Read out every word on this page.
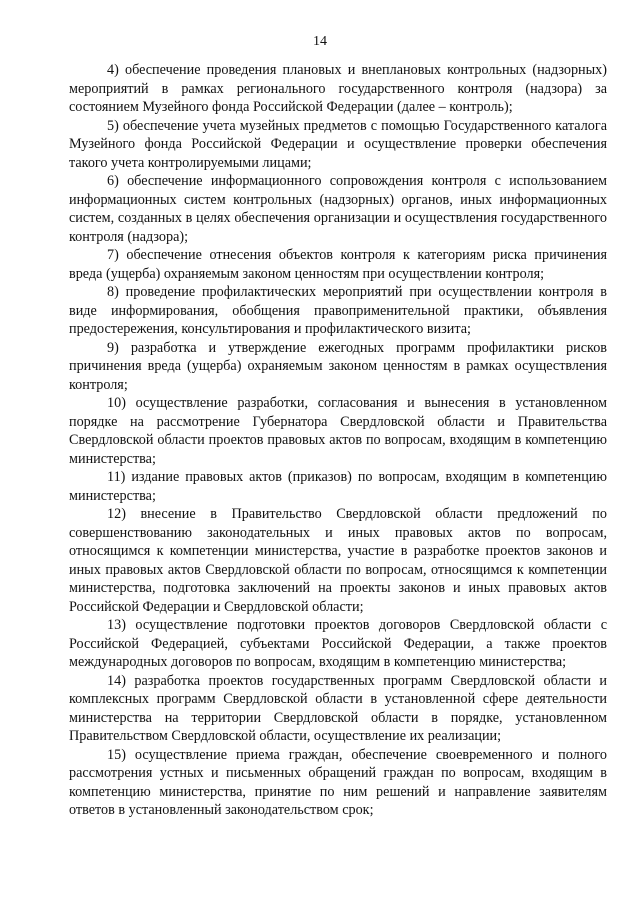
14

4) обеспечение проведения плановых и внеплановых контрольных (надзорных) мероприятий в рамках регионального государственного контроля (надзора) за состоянием Музейного фонда Российской Федерации (далее – контроль);

5) обеспечение учета музейных предметов с помощью Государственного каталога Музейного фонда Российской Федерации и осуществление проверки обеспечения такого учета контролируемыми лицами;

6) обеспечение информационного сопровождения контроля с использованием информационных систем контрольных (надзорных) органов, иных информационных систем, созданных в целях обеспечения организации и осуществления государственного контроля (надзора);

7) обеспечение отнесения объектов контроля к категориям риска причинения вреда (ущерба) охраняемым законом ценностям при осуществлении контроля;

8) проведение профилактических мероприятий при осуществлении контроля в виде информирования, обобщения правоприменительной практики, объявления предостережения, консультирования и профилактического визита;

9) разработка и утверждение ежегодных программ профилактики рисков причинения вреда (ущерба) охраняемым законом ценностям в рамках осуществления контроля;

10) осуществление разработки, согласования и вынесения в установленном порядке на рассмотрение Губернатора Свердловской области и Правительства Свердловской области проектов правовых актов по вопросам, входящим в компетенцию министерства;

11) издание правовых актов (приказов) по вопросам, входящим в компетенцию министерства;

12) внесение в Правительство Свердловской области предложений по совершенствованию законодательных и иных правовых актов по вопросам, относящимся к компетенции министерства, участие в разработке проектов законов и иных правовых актов Свердловской области по вопросам, относящимся к компетенции министерства, подготовка заключений на проекты законов и иных правовых актов Российской Федерации и Свердловской области;

13) осуществление подготовки проектов договоров Свердловской области с Российской Федерацией, субъектами Российской Федерации, а также проектов международных договоров по вопросам, входящим в компетенцию министерства;

14) разработка проектов государственных программ Свердловской области и комплексных программ Свердловской области в установленной сфере деятельности министерства на территории Свердловской области в порядке, установленном Правительством Свердловской области, осуществление их реализации;

15) осуществление приема граждан, обеспечение своевременного и полного рассмотрения устных и письменных обращений граждан по вопросам, входящим в компетенцию министерства, принятие по ним решений и направление заявителям ответов в установленный законодательством срок;
